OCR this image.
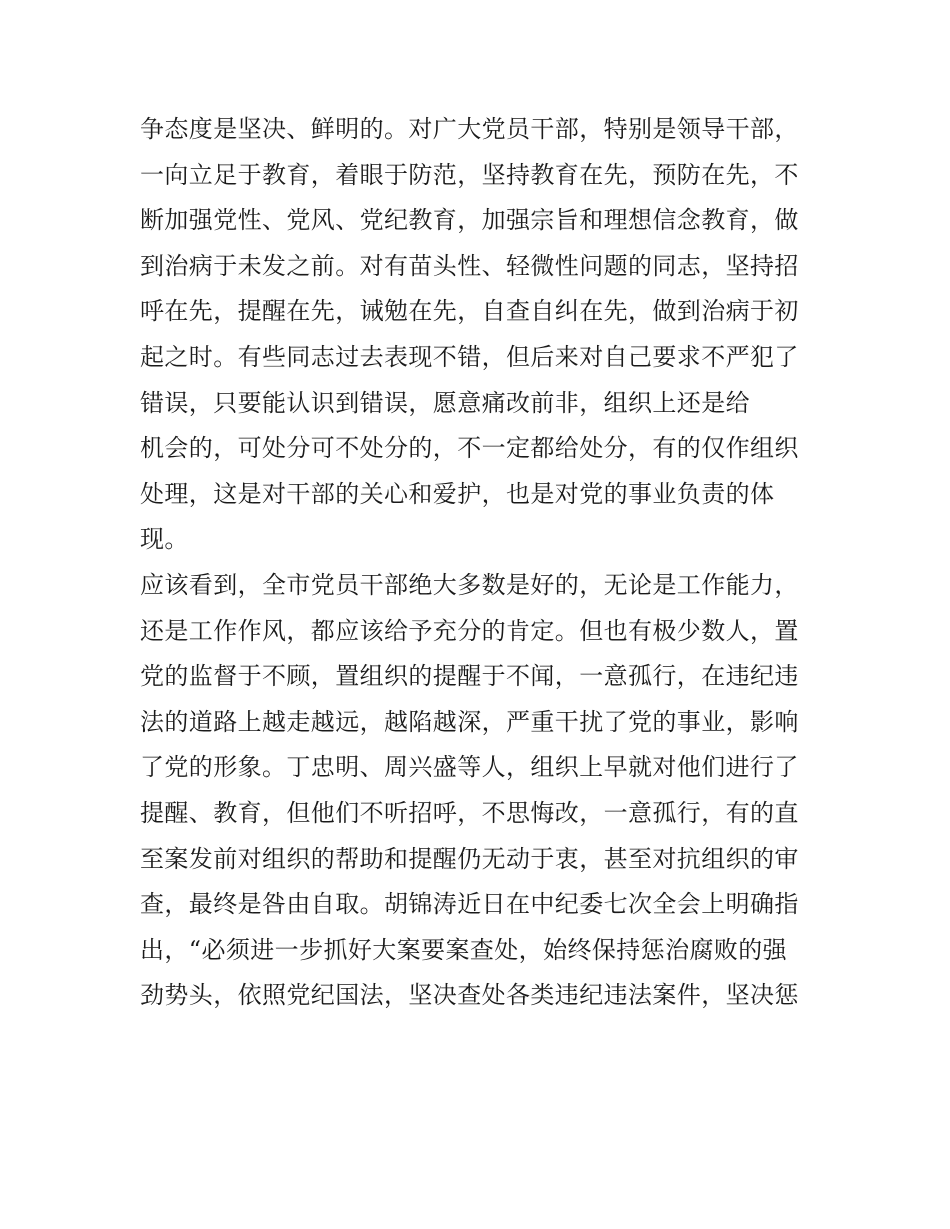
争态度是坚决、鲜明的。对广大党员干部，特别是领导干部，
一向立足于教育，着眼于防范，坚持教育在先，预防在先，不
断加强党性、党风、党纪教育，加强宗旨和理想信念教育，做
到治病于未发之前。对有苗头性、轻微性问题的同志，坚持招
呼在先，提醒在先，诫勉在先，自查自纠在先，做到治病于初
起之时。有些同志过去表现不错，但后来对自己要求不严犯了
错误，只要能认识到错误，愿意痛改前非，组织上还是给
机会的，可处分可不处分的，不一定都给处分，有的仅作组织
处理，这是对干部的关心和爱护，也是对党的事业负责的体
现。
应该看到，全市党员干部绝大多数是好的，无论是工作能力，
还是工作作风，都应该给予充分的肯定。但也有极少数人，置
党的监督于不顾，置组织的提醒于不闻，一意孤行，在违纪违
法的道路上越走越远，越陷越深，严重干扰了党的事业，影响
了党的形象。丁忠明、周兴盛等人，组织上早就对他们进行了
提醒、教育，但他们不听招呼，不思悔改，一意孤行，有的直
至案发前对组织的帮助和提醒仍无动于衷，甚至对抗组织的审
查，最终是咎由自取。胡锦涛近日在中纪委七次全会上明确指
出，“必须进一步抓好大案要案查处，始终保持惩治腐败的强
劲势头，依照党纪国法，坚决查处各类违纪违法案件，坚决惩
